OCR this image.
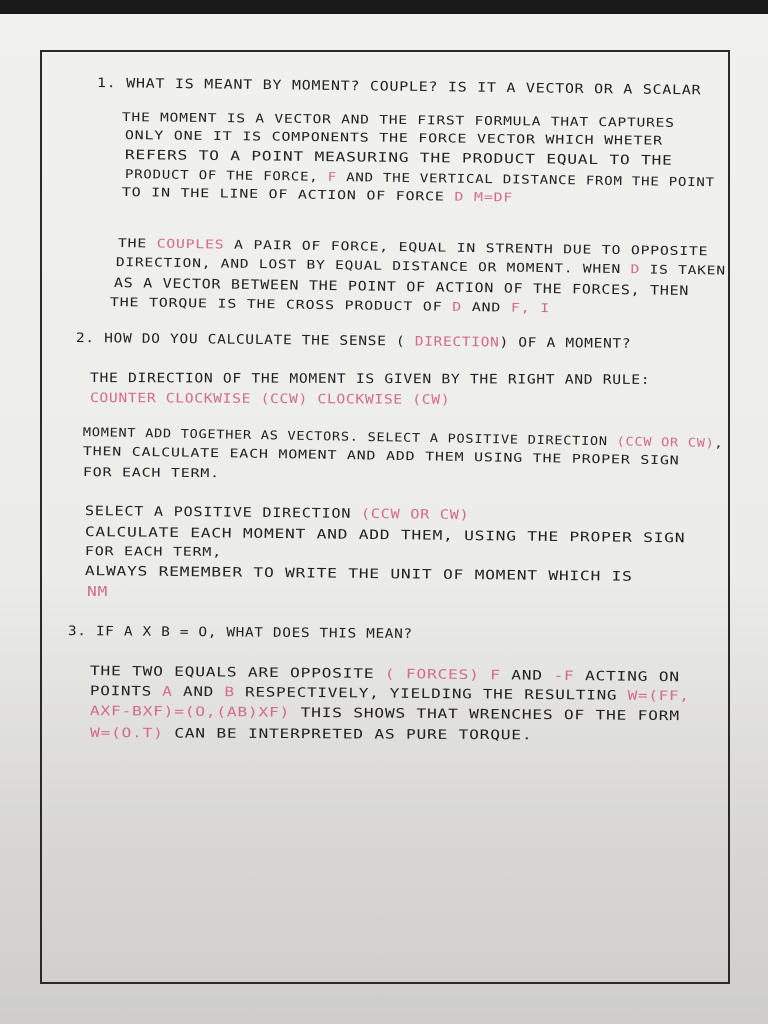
1. WHAT IS MEANT BY MOMENT? COUPLE? IS IT A VECTOR OR A SCALAR
THE MOMENT IS A VECTOR AND THE FIRST FORMULA THAT CAPTURES
ONLY ONE IT IS COMPONENTS THE FORCE VECTOR WHICH WHETER
REFERS TO A POINT MEASURING THE PRODUCT EQUAL TO THE
PRODUCT OF THE FORCE, F AND THE VERTICAL DISTANCE FROM THE POINT
TO IN THE LINE OF ACTION OF FORCE D M=DF
THE COUPLES A PAIR OF FORCE, EQUAL IN STRENTH DUE TO OPPOSITE
DIRECTION, AND LOST BY EQUAL DISTANCE OR MOMENT. WHEN D IS TAKEN
AS A VECTOR BETWEEN THE POINT OF ACTION OF THE FORCES, THEN
THE TORQUE IS THE CROSS PRODUCT OF D AND F, I
2. HOW DO YOU CALCULATE THE SENSE ( DIRECTION) OF A MOMENT?
THE DIRECTION OF THE MOMENT IS GIVEN BY THE RIGHT AND RULE:
COUNTER CLOCKWISE (CCW) CLOCKWISE (CW)
MOMENT ADD TOGETHER AS VECTORS. SELECT A POSITIVE DIRECTION (CCW OR CW),
THEN CALCULATE EACH MOMENT AND ADD THEM USING THE PROPER SIGN
FOR EACH TERM.
SELECT A POSITIVE DIRECTION (CCW OR CW)
CALCULATE EACH MOMENT AND ADD THEM, USING THE PROPER SIGN
FOR EACH TERM,
ALWAYS REMEMBER TO WRITE THE UNIT OF MOMENT WHICH IS
NM
3. IF A X B = O, WHAT DOES THIS MEAN?
THE TWO EQUALS ARE OPPOSITE ( FORCES) F AND -F ACTING ON
POINTS A AND B RESPECTIVELY, YIELDING THE RESULTING W=(FF,
AXF-BXF)=(O,(AB)XF) THIS SHOWS THAT WRENCHES OF THE FORM
W=(O.T) CAN BE INTERPRETED AS PURE TORQUE.
